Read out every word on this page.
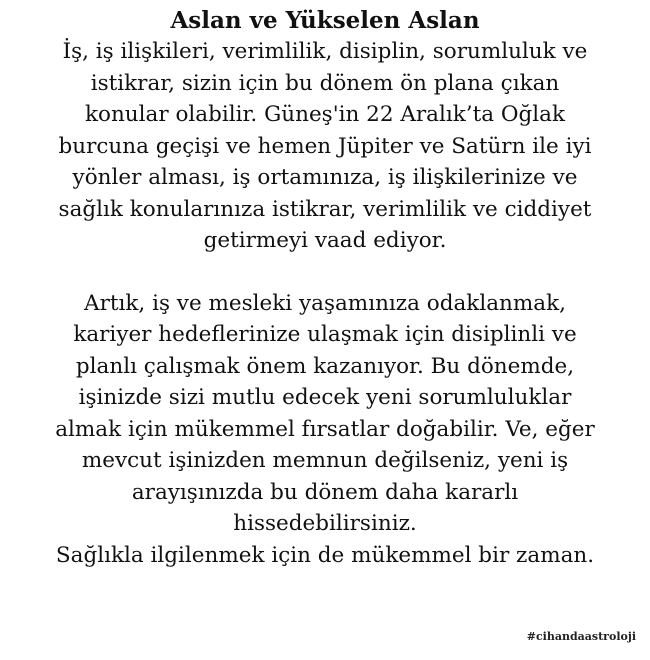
Aslan ve Yükselen Aslan
İş, iş ilişkileri, verimlilik, disiplin, sorumluluk ve
istikrar, sizin için bu dönem ön plana çıkan
konular olabilir. Güneş'in 22 Aralık’ta Oğlak
burcuna geçişi ve hemen Jüpiter ve Satürn ile iyi
yönler alması, iş ortamınıza, iş ilişkilerinize ve
sağlık konularınıza istikrar, verimlilik ve ciddiyet
getirmeyi vaad ediyor.
Artık, iş ve mesleki yaşamınıza odaklanmak,
kariyer hedeflerinize ulaşmak için disiplinli ve
planlı çalışmak önem kazanıyor. Bu dönemde,
işinizde sizi mutlu edecek yeni sorumluluklar
almak için mükemmel fırsatlar doğabilir. Ve, eğer
mevcut işinizden memnun değilseniz, yeni iş
arayışınızda bu dönem daha kararlı
hissedebilirsiniz.
Sağlıkla ilgilenmek için de mükemmel bir zaman.
#cihandaastroloji
